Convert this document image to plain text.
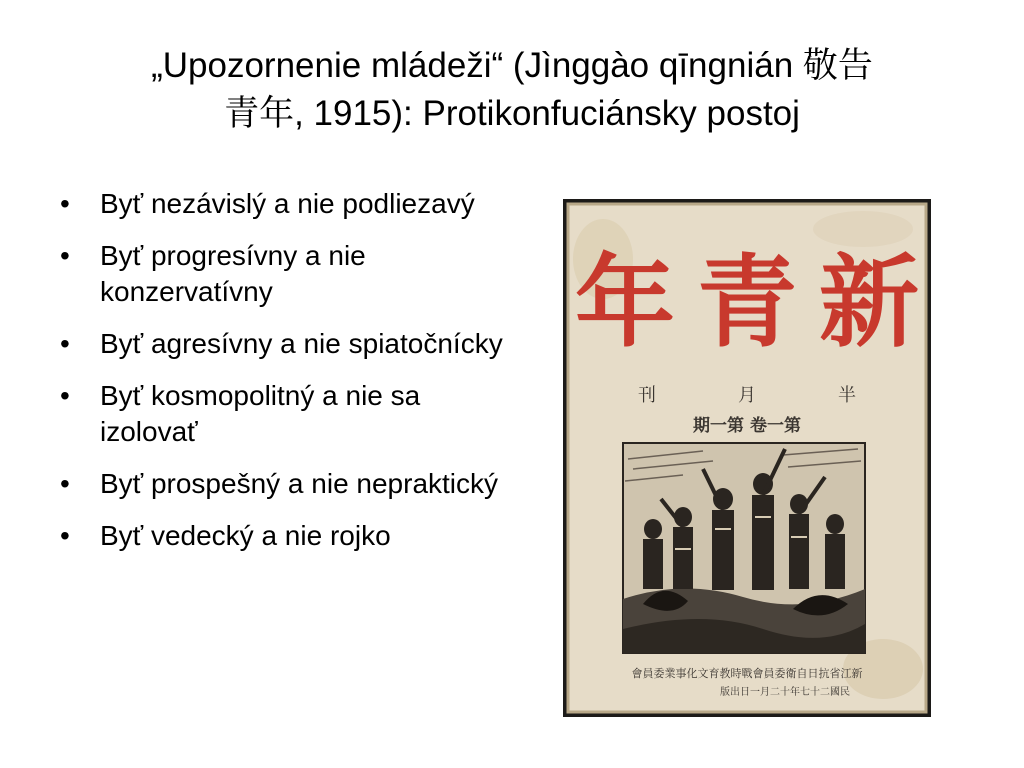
„Upozornenie mládeži“ (Jìnggào qīngnián 敬告
青年, 1915): Protikonfuciánsky postoj
• Byť nezávislý a nie podliezavý
• Byť progresívny a nie konzervatívny
• Byť agresívny a nie spiatočnícky
• Byť kosmopolitný a nie sa izolovať
• Byť prospešný a nie nepraktický
• Byť vedecký a nie rojko
年 青 新
刊	月	半
期一第 卷一第
會員委業事化文育教時戰會員委衛自日抗省江新
版出日一月二十年七十二國民
